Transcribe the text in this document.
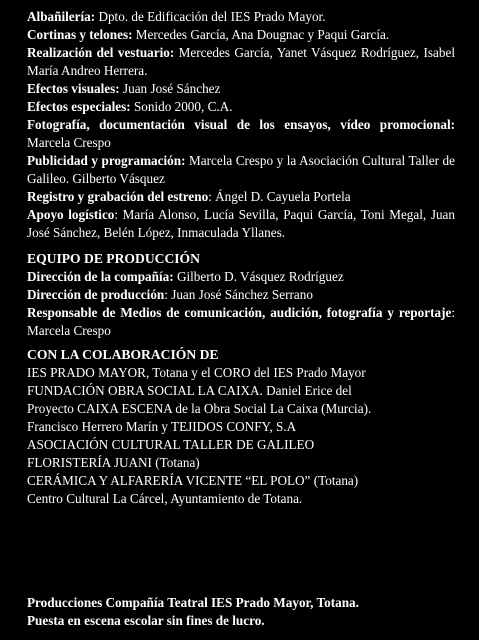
Albañilería: Dpto. de Edificación del IES Prado Mayor.

Cortinas y telones: Mercedes García, Ana Dougnac y Paqui García.

Realización del vestuario: Mercedes García, Yanet Vásquez Rodríguez, Isabel María Andreo Herrera.

Efectos visuales: Juan José Sánchez

Efectos especiales: Sonido 2000, C.A.

Fotografía, documentación visual de los ensayos, vídeo promocional: Marcela Crespo

Publicidad y programación: Marcela Crespo y la Asociación Cultural Taller de Galileo. Gilberto Vásquez

Registro y grabación del estreno: Ángel D. Cayuela Portela

Apoyo logístico: María Alonso, Lucía Sevilla, Paqui García, Toni Megal, Juan José Sánchez, Belén López, Inmaculada Yllanes.

EQUIPO DE PRODUCCIÓN

Dirección de la compañía: Gilberto D. Vásquez Rodríguez

Dirección de producción: Juan José Sánchez Serrano

Responsable de Medios de comunicación, audición, fotografía y reportaje: Marcela Crespo

CON LA COLABORACIÓN DE

IES PRADO MAYOR, Totana y el CORO del IES Prado Mayor

FUNDACIÓN OBRA SOCIAL LA CAIXA. Daniel Erice del

Proyecto CAIXA ESCENA de la Obra Social La Caixa (Murcia).

Francisco Herrero Marín y TEJIDOS CONFY, S.A

ASOCIACIÓN CULTURAL TALLER DE GALILEO

FLORISTERÍA JUANI (Totana)

CERÁMICA Y ALFARERÍA VICENTE “EL POLO” (Totana)

Centro Cultural La Cárcel, Ayuntamiento de Totana.

Producciones Compañía Teatral IES Prado Mayor, Totana.

Puesta en escena escolar sin fines de lucro.
